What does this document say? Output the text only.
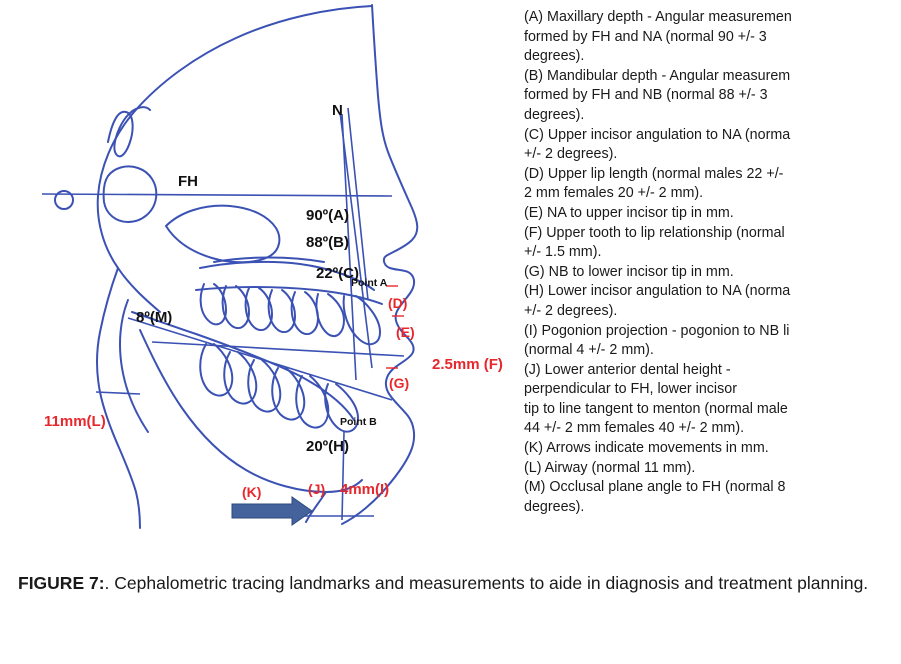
FH
N
90º(A)
88º(B)
22º(C)
Point A
(D)
(E)
2.5mm (F)
(G)
8º(M)
11mm(L)	Point B
20º(H)
(K)	(J) 4mm(I)
(A) Maxillary depth - Angular measuremen
formed by FH and NA (normal 90 +/- 3
degrees).
(B) Mandibular depth - Angular measurem
formed by FH and NB (normal 88 +/- 3
degrees).
(C) Upper incisor angulation to NA (norma
+/- 2 degrees).
(D) Upper lip length (normal males 22 +/-
2 mm females 20 +/- 2 mm).
(E) NA to upper incisor tip in mm.
(F) Upper tooth to lip relationship (normal
+/- 1.5 mm).
(G) NB to lower incisor tip in mm.
(H) Lower incisor angulation to NA (norma
+/- 2 degrees).
(I) Pogonion projection - pogonion to NB li
(normal 4 +/- 2 mm).
(J) Lower anterior dental height -
perpendicular to FH, lower incisor
tip to line tangent to menton (normal male
44 +/- 2 mm females 40 +/- 2 mm).
(K) Arrows indicate movements in mm.
(L) Airway (normal 11 mm).
(M) Occlusal plane angle to FH (normal 8
degrees).
FIGURE 7:. Cephalometric tracing landmarks and measurements to aide in diagnosis and treatment planning.
